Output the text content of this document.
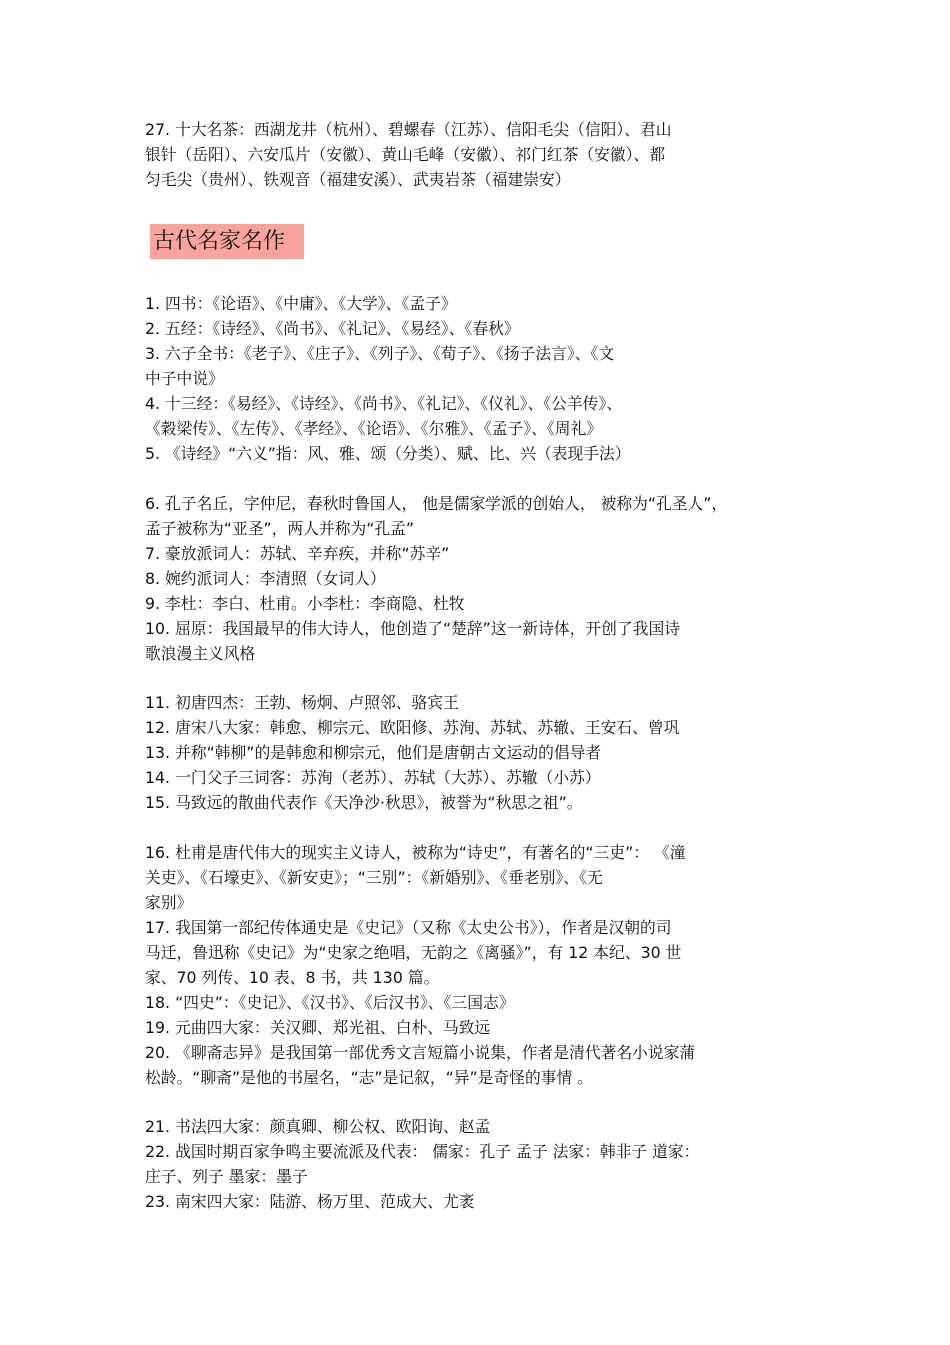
27. 十大名茶：西湖龙井（杭州）、碧螺春（江苏）、信阳毛尖（信阳）、君山
银针（岳阳）、六安瓜片（安徽）、黄山毛峰（安徽）、祁门红茶（安徽）、都
匀毛尖（贵州）、铁观音（福建安溪）、武夷岩茶（福建崇安）
古代名家名作
1. 四书：《论语》、《中庸》、《大学》、《孟子》
2. 五经：《诗经》、《尚书》、《礼记》、《易经》、《春秋》
3. 六子全书：《老子》、《庄子》、《列子》、《荀子》、《扬子法言》、《文
中子中说》
4. 十三经：《易经》、《诗经》、《尚书》、《礼记》、《仪礼》、《公羊传》、
《穀梁传》、《左传》、《孝经》、《论语》、《尔雅》、《孟子》、《周礼》
5. 《诗经》“六义”指：风、雅、颂（分类）、赋、比、兴（表现手法）
6. 孔子名丘，字仲尼，春秋时鲁国人， 他是儒家学派的创始人， 被称为“孔圣人”，
孟子被称为“亚圣”，两人并称为“孔孟”
7. 豪放派词人：苏轼、辛弃疾，并称“苏辛”
8. 婉约派词人：李清照（女词人）
9. 李杜：李白、杜甫。小李杜：李商隐、杜牧
10. 屈原：我国最早的伟大诗人，他创造了“楚辞”这一新诗体，开创了我国诗
歌浪漫主义风格
11. 初唐四杰：王勃、杨炯、卢照邻、骆宾王
12. 唐宋八大家：韩愈、柳宗元、欧阳修、苏洵、苏轼、苏辙、王安石、曾巩
13. 并称“韩柳”的是韩愈和柳宗元，他们是唐朝古文运动的倡导者
14. 一门父子三词客：苏洵（老苏）、苏轼（大苏）、苏辙（小苏）
15. 马致远的散曲代表作《天净沙·秋思》，被誉为“秋思之祖”。
16. 杜甫是唐代伟大的现实主义诗人，被称为“诗史”，有著名的“三吏”： 《潼
关吏》、《石壕吏》、《新安吏》；“三别”：《新婚别》、《垂老别》、《无
家别》
17. 我国第一部纪传体通史是《史记》（又称《太史公书》），作者是汉朝的司
马迁，鲁迅称《史记》为“史家之绝唱，无韵之《离骚》”，有 12 本纪、30 世
家、70 列传、10 表、8 书，共 130 篇。
18. “四史”：《史记》、《汉书》、《后汉书》、《三国志》
19. 元曲四大家：关汉卿、郑光祖、白朴、马致远
20. 《聊斋志异》是我国第一部优秀文言短篇小说集，作者是清代著名小说家蒲
松龄。“聊斋”是他的书屋名，“志”是记叙，“异”是奇怪的事情 。
21. 书法四大家：颜真卿、柳公权、欧阳询、赵孟
22. 战国时期百家争鸣主要流派及代表： 儒家：孔子 孟子 法家：韩非子 道家：
庄子、列子 墨家：墨子
23. 南宋四大家：陆游、杨万里、范成大、尤袤
